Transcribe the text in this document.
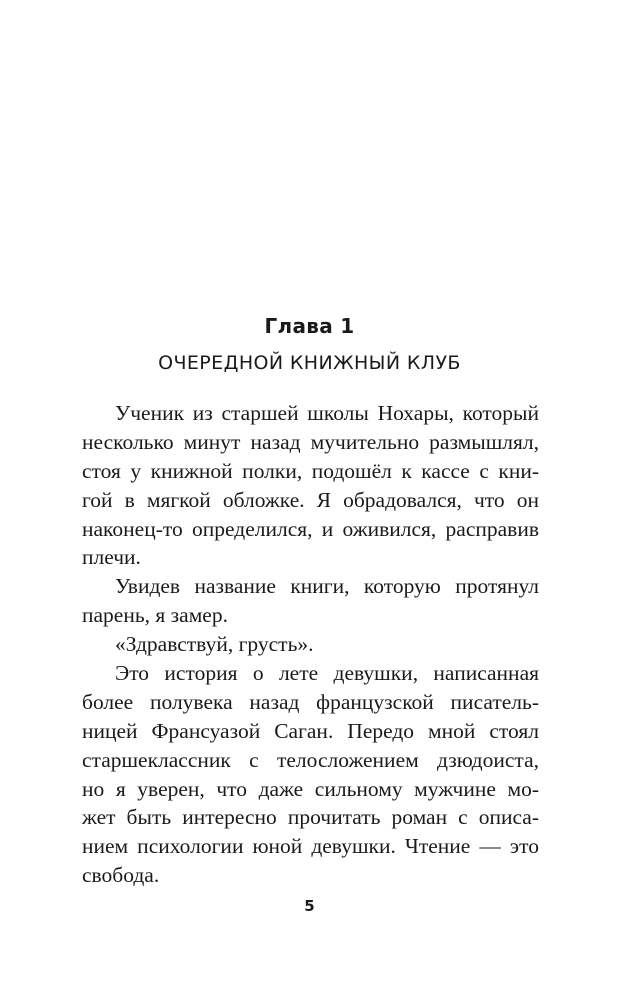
Глава 1
ОЧЕРЕДНОЙ КНИЖНЫЙ КЛУБ
Ученик из старшей школы Нохары, который
несколько минут назад мучительно размышлял,
стоя у книжной полки, подошёл к кассе с кни-
гой в мягкой обложке. Я обрадовался, что он
наконец-то определился, и оживился, расправив
плечи.
Увидев название книги, которую протянул
парень, я замер.
«Здравствуй, грусть».
Это история о лете девушки, написанная
более полувека назад французской писатель-
ницей Франсуазой Саган. Передо мной стоял
старшеклассник с телосложением дзюдоиста,
но я уверен, что даже сильному мужчине мо-
жет быть интересно прочитать роман с описа-
нием психологии юной девушки. Чтение — это
свобода.
5
